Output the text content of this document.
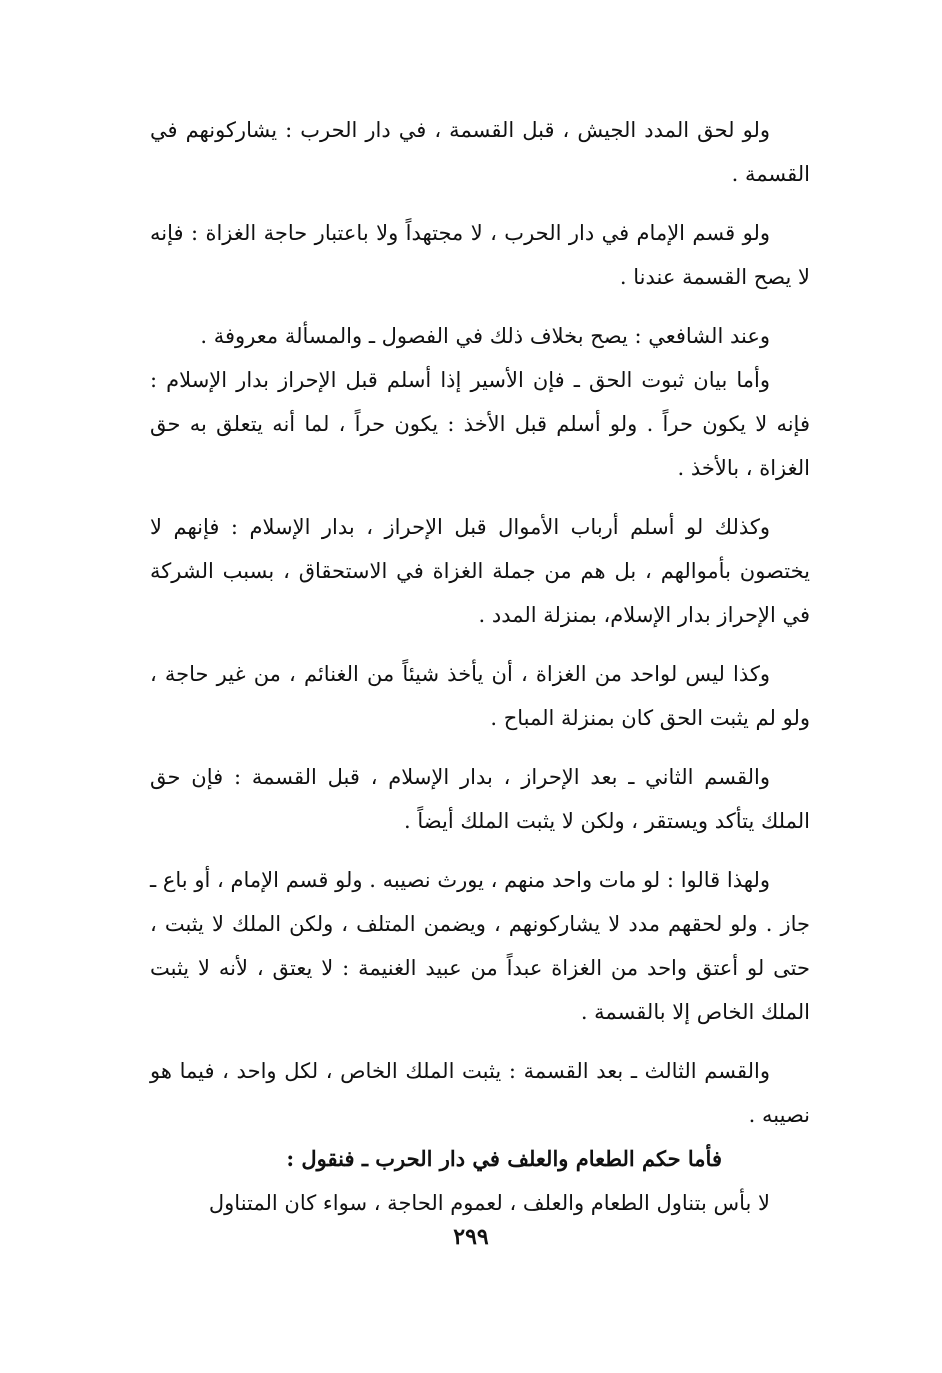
ولو لحق المدد الجيش ، قبل القسمة ، في دار الحرب : يشاركونهم في القسمة .

ولو قسم الإمام في دار الحرب ، لا مجتهداً ولا باعتبار حاجة الغزاة : فإنه لا يصح القسمة عندنا .

وعند الشافعي : يصح بخلاف ذلك في الفصول ـ والمسألة معروفة .

وأما بيان ثبوت الحق ـ فإن الأسير إذا أسلم قبل الإحراز بدار الإسلام : فإنه لا يكون حراً . ولو أسلم قبل الأخذ : يكون حراً ، لما أنه يتعلق به حق الغزاة ، بالأخذ .

وكذلك لو أسلم أرباب الأموال قبل الإحراز ، بدار الإسلام : فإنهم لا يختصون بأموالهم ، بل هم من جملة الغزاة في الاستحقاق ، بسبب الشركة في الإحراز بدار الإسلام، بمنزلة المدد .

وكذا ليس لواحد من الغزاة ، أن يأخذ شيئاً من الغنائم ، من غير حاجة ، ولو لم يثبت الحق كان بمنزلة المباح .

والقسم الثاني ـ بعد الإحراز ، بدار الإسلام ، قبل القسمة : فإن حق الملك يتأكد ويستقر ، ولكن لا يثبت الملك أيضاً .

ولهذا قالوا : لو مات واحد منهم ، يورث نصيبه . ولو قسم الإمام ، أو باع ـ جاز . ولو لحقهم مدد لا يشاركونهم ، ويضمن المتلف ، ولكن الملك لا يثبت ، حتى لو أعتق واحد من الغزاة عبداً من عبيد الغنيمة : لا يعتق ، لأنه لا يثبت الملك الخاص إلا بالقسمة .

والقسم الثالث ـ بعد القسمة : يثبت الملك الخاص ، لكل واحد ، فيما هو نصيبه .

فأما حكم الطعام والعلف في دار الحرب ـ فنقول :

لا بأس بتناول الطعام والعلف ، لعموم الحاجة ، سواء كان المتناول

٢٩٩
